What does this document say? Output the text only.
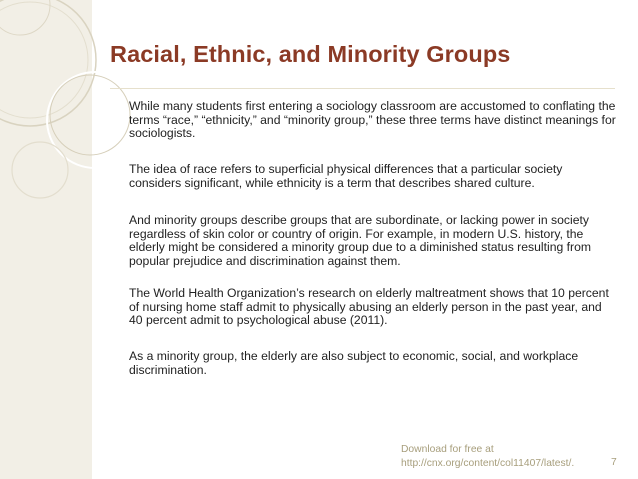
Racial, Ethnic, and Minority Groups
While many students first entering a sociology classroom are accustomed to conflating the terms “race,” “ethnicity,” and “minority group,” these three terms have distinct meanings for sociologists.
The idea of race refers to superficial physical differences that a particular society considers significant, while ethnicity is a term that describes shared culture.
And minority groups describe groups that are subordinate, or lacking power in society regardless of skin color or country of origin. For example, in modern U.S. history, the elderly might be considered a minority group due to a diminished status resulting from popular prejudice and discrimination against them.
The World Health Organization’s research on elderly maltreatment shows that 10 percent of nursing home staff admit to physically abusing an elderly person in the past year, and 40 percent admit to psychological abuse (2011).
As a minority group, the elderly are also subject to economic, social, and workplace discrimination.
Download for free at
http://cnx.org/content/col11407/latest/.	7
